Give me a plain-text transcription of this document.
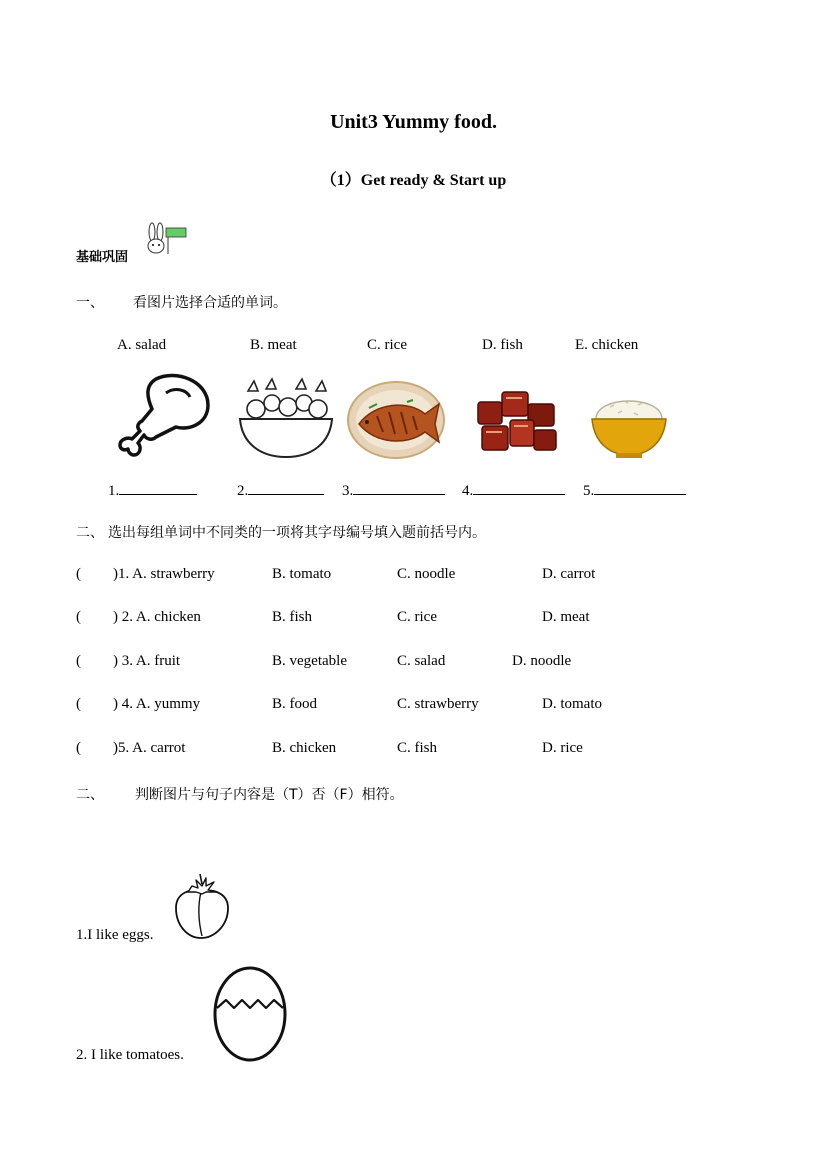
Unit3 Yummy food.
（1）Get ready & Start up
基础巩固
一、 看图片选择合适的单词。
A. salad	B. meat	C. rice	D. fish	E. chicken
1.	2.	3.	4.	5.
二、 选出每组单词中不同类的一项将其字母编号填入题前括号内。
( )1. A. strawberry	B. tomato	C. noodle	D. carrot
( ) 2. A. chicken	B. fish	C. rice	D. meat
( ) 3. A. fruit	B. vegetable	C. salad	D. noodle
( ) 4. A. yummy	B. food	C. strawberry	D. tomato
( )5. A. carrot	B. chicken	C. fish	D. rice
二、 判断图片与句子内容是（T）否（F）相符。
1.I like eggs.
2. I like tomatoes.
